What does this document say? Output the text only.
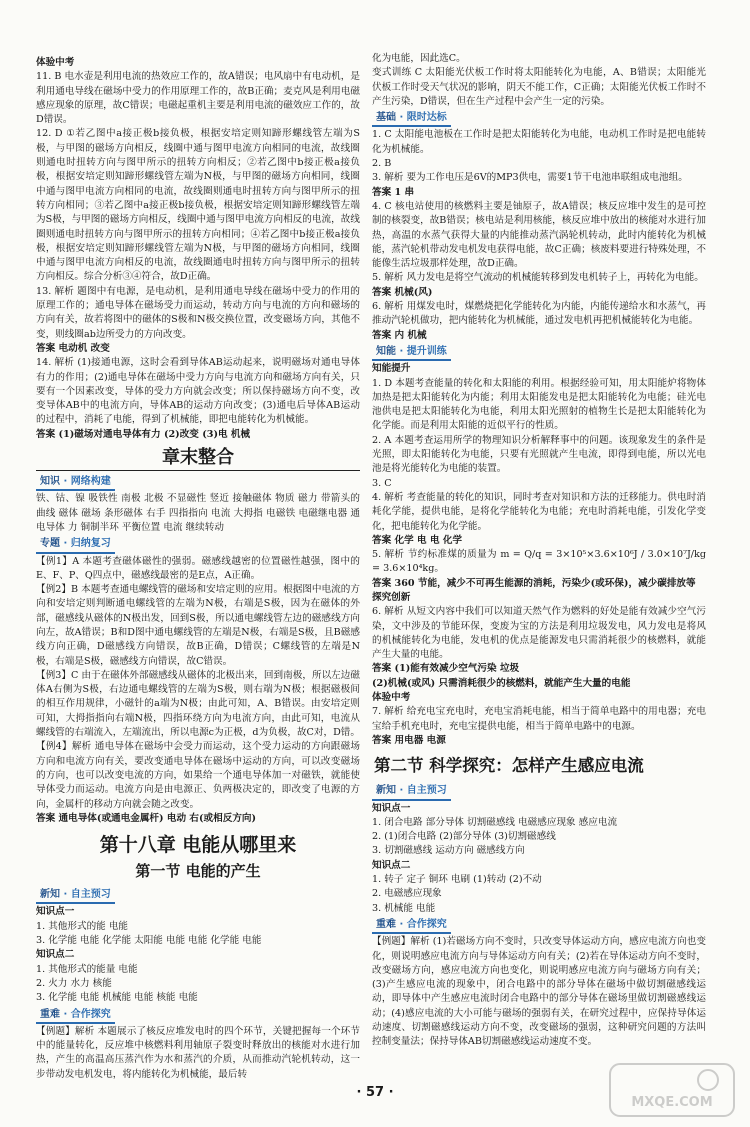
体验中考

11. B 电水壶是利用电流的热效应工作的，故A错误；电风扇中有电动机，是利用通电导线在磁场中受力的作用原理工作的，故B正确；麦克风是利用电磁感应现象的原理，故C错误；电磁起重机主要是利用电流的磁效应工作的，故D错误。

12. D ①若乙图中a接正极b接负极，根据安培定则知蹄形螺线管左端为S极，与甲图的磁场方向相反，线圈中通与图甲电流方向相同的电流，故线圈则通电时扭转方向与图甲所示的扭转方向相反；②若乙图中b接正极a接负极，根据安培定则知蹄形螺线管左端为N极，与甲图的磁场方向相同，线圈中通与图甲电流方向相同的电流，故线圈则通电时扭转方向与图甲所示的扭转方向相同；③若乙图中a接正极b接负极，根据安培定则知蹄形螺线管左端为S极，与甲图的磁场方向相反，线圈中通与图甲电流方向相反的电流，故线圈则通电时扭转方向与图甲所示的扭转方向相同；④若乙图中b接正极a接负极，根据安培定则知蹄形螺线管左端为N极，与甲图的磁场方向相同，线圈中通与图甲电流方向相反的电流，故线圈通电时扭转方向与图甲所示的扭转方向相反。综合分析③④符合，故D正确。

13. 解析 题图中有电源，是电动机，是利用通电导线在磁场中受力的作用的原理工作的；通电导体在磁场受力而运动，转动方向与电流的方向和磁场的方向有关，故若将图中的磁体的S极和N极交换位置，改变磁场方向，其他不变，则线圈ab边所受力的方向改变。

答案 电动机 改变

14. 解析 (1)接通电源，这时会看到导体AB运动起来，说明磁场对通电导体有力的作用；(2)通电导体在磁场中受力方向与电流方向和磁场方向有关，只要有一个因素改变，导体的受力方向就会改变；所以保持磁场方向不变，改变导体AB中的电流方向，导体AB的运动方向改变；(3)通电后导体AB运动的过程中，消耗了电能，得到了机械能，即把电能转化为机械能。

答案 (1)磁场对通电导体有力 (2)改变 (3)电 机械

章末整合
知识 · 网络构建

铁、钴、镍 吸铁性 南极 北极 不显磁性 竖近 接触磁体 物质 磁力 带箭头的曲线 磁体 磁场 条形磁体 右手 四指指向 电流 大拇指 电磁铁 电磁继电器 通电导体 力 铜制半环 平衡位置 电流 继续转动

专题 · 归纳复习

【例1】A 本题考查磁体磁性的强弱。磁感线越密的位置磁性越强，图中的E、F、P、Q四点中，磁感线最密的是E点，A正确。

【例2】B 本题考查通电螺线管的磁场和安培定则的应用。根据图中电流的方向和安培定则判断通电螺线管的左端为N极，右端是S极，因为在磁体的外部，磁感线从磁体的N极出发，回到S极，所以通电螺线管左边的磁感线方向向左，故A错误；B和D图中通电螺线管的左端是N极，右端是S极，且B磁感线方向正确，D磁感线方向错误，故B正确，D错误；C螺线管的左端是N极，右端是S极，磁感线方向错误，故C错误。

【例3】C 由于在磁体外部磁感线从磁体的北极出来，回到南极，所以左边磁体A右侧为S极，右边通电螺线管的左端为S极，则右端为N极；根据磁极间的相互作用规律，小磁针的a端为N极；由此可知，A、B错误。由安培定则可知，大拇指指向右端N极，四指环绕方向为电流方向，由此可知，电流从螺线管的右端流入，左端流出，所以电源c为正极，d为负极，故C对，D错。

【例4】解析 通电导体在磁场中会受力而运动，这个受力运动的方向跟磁场方向和电流方向有关，要改变通电导体在磁场中运动的方向，可以改变磁场的方向，也可以改变电流的方向，如果给一个通电导体加一对磁铁，就能使导体受力而运动。电流方向是由电源正、负两极决定的，即改变了电源的方向，金属杆的移动方向就会随之改变。

答案 通电导体(或通电金属杆) 电动 右(或相反方向)

第十八章 电能从哪里来
第一节 电能的产生
新知 · 自主预习

知识点一

1. 其他形式的能 电能

3. 化学能 电能 化学能 太阳能 电能 电能 化学能 电能

知识点二

1. 其他形式的能量 电能

2. 火力 水力 核能

3. 化学能 电能 机械能 电能 核能 电能

重难 · 合作探究

【例题】解析 本题展示了核反应堆发电时的四个环节，关键把握每一个环节中的能量转化，反应堆中核燃料利用轴原子裂变时释放出的核能对水进行加热，产生的高温高压蒸汽作为水和蒸汽的介质，从而推动汽轮机转动，这一步带动发电机发电，将内能转化为机械能，最后转

化为电能，因此选C。

变式训练 C 太阳能光伏板工作时将太阳能转化为电能，A、B错误；太阳能光伏板工作时受天气状况的影响，阴天不能工作，C正确；太阳能光伏板工作时不产生污染，D错误，但在生产过程中会产生一定的污染。

基础 · 限时达标

1. C 太阳能电池板在工作时是把太阳能转化为电能，电动机工作时是把电能转化为机械能。

2. B

3. 解析 要为工作电压是6V的MP3供电，需要1节干电池串联组成电池组。

答案 1 串

4. C 核电站使用的核燃料主要是铀原子，故A错误；核反应堆中发生的是可控制的核裂变，故B错误；核电站是利用核能，核反应堆中放出的核能对水进行加热，高温的水蒸气获得大量的内能推动蒸汽涡轮机转动，此时内能转化为机械能，蒸汽轮机带动发电机发电获得电能，故C正确；核废料要进行特殊处理，不能像生活垃圾那样处理，故D正确。

5. 解析 风力发电是将空气流动的机械能转移到发电机转子上，再转化为电能。

答案 机械(风)

6. 解析 用煤发电时，煤燃烧把化学能转化为内能，内能传递给水和水蒸气，再推动汽轮机做功，把内能转化为机械能，通过发电机再把机械能转化为电能。

答案 内 机械

知能 · 提升训练

知能提升

1. D 本题考查能量的转化和太阳能的利用。根据经验可知，用太阳能炉将物体加热是把太阳能转化为内能；利用太阳能发电是把太阳能转化为电能；硅光电池供电是把太阳能转化为电能，利用太阳光照射的植物生长是把太阳能转化为化学能。而是利用太阳能的近似平行的性质。

2. A 本题考查运用所学的物理知识分析解释事中的问题。该现象发生的条件是光照，即太阳能转化为电能，只要有光照就产生电流，即得到电能，所以光电池是将光能转化为电能的装置。

3. C

4. 解析 考查能量的转化的知识，同时考查对知识和方法的迁移能力。供电时消耗化学能，提供电能，是将化学能转化为电能；充电时消耗电能，引发化学变化，把电能转化为化学能。

答案 化学 电 电 化学

5. 解析 节约标准煤的质量为 m = Q/q = 3×10⁵×3.6×10⁶J / 3.0×10⁷J/kg = 3.6×10⁴kg。

答案 360 节能，减少不可再生能源的消耗，污染少(或环保)，减少碳排放等

探究创新

6. 解析 从短文内容中我们可以知道天然气作为燃料的好处是能有效减少空气污染，文中涉及的节能环保，变废为宝的方法是利用垃圾发电，风力发电是将风的机械能转化为电能，发电机的优点是能源发电只需消耗很少的核燃料，就能产生大量的电能。

答案 (1)能有效减少空气污染 垃圾

(2)机械(或风) 只需消耗很少的核燃料，就能产生大量的电能

体验中考

7. 解析 给充电宝充电时，充电宝消耗电能，相当于简单电路中的用电器；充电宝给手机充电时，充电宝提供电能，相当于简单电路中的电源。

答案 用电器 电源

第二节 科学探究：怎样产生感应电流
新知 · 自主预习

知识点一

1. 闭合电路 部分导体 切割磁感线 电磁感应现象 感应电流

2. (1)闭合电路 (2)部分导体 (3)切割磁感线

3. 切割磁感线 运动方向 磁感线方向

知识点二

1. 转子 定子 铜环 电刷 (1)转动 (2)不动

2. 电磁感应现象

3. 机械能 电能

重难 · 合作探究

【例题】解析 (1)若磁场方向不变时，只改变导体运动方向，感应电流方向也变化，则说明感应电流方向与导体运动方向有关；(2)若在导体运动方向不变时，改变磁场方向，感应电流方向也变化，则说明感应电流方向与磁场方向有关；(3)产生感应电流的现象中，闭合电路中的部分导体在磁场中做切割磁感线运动，即导体中产生感应电流时闭合电路中的部分导体在磁场里做切割磁感线运动；(4)感应电流的大小可能与磁场的强弱有关，在研究过程中，应保持导体运动速度、切割磁感线运动方向不变，改变磁场的强弱，这种研究问题的方法叫控制变量法；保持导体AB切割磁感线运动速度不变。

· 57 ·
MXQE.COM
